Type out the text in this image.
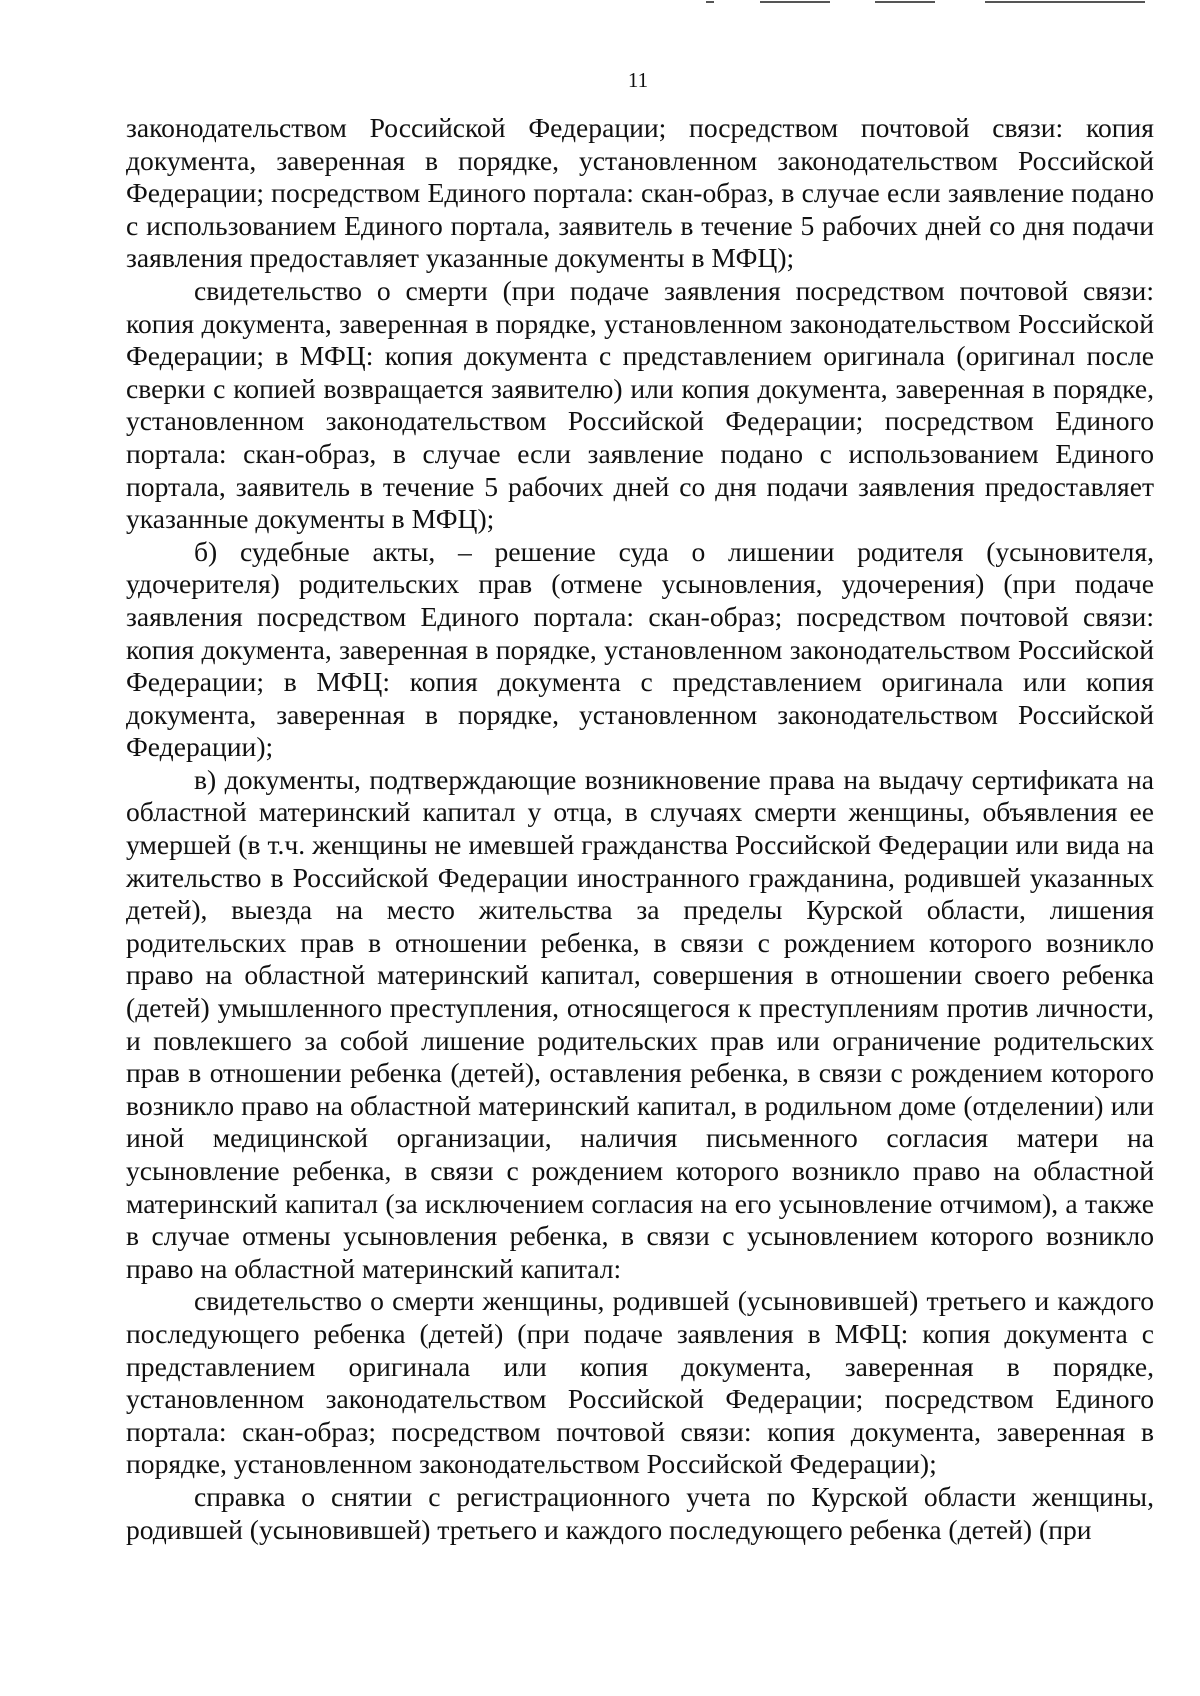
11

законодательством Российской Федерации; посредством почтовой связи: копия документа, заверенная в порядке, установленном законодательством Российской Федерации; посредством Единого портала: скан-образ, в случае если заявление подано с использованием Единого портала, заявитель в течение 5 рабочих дней со дня подачи заявления предоставляет указанные документы в МФЦ);

свидетельство о смерти (при подаче заявления посредством почтовой связи: копия документа, заверенная в порядке, установленном законодательством Российской Федерации; в МФЦ: копия документа с представлением оригинала (оригинал после сверки с копией возвращается заявителю) или копия документа, заверенная в порядке, установленном законодательством Российской Федерации; посредством Единого портала: скан-образ, в случае если заявление подано с использованием Единого портала, заявитель в течение 5 рабочих дней со дня подачи заявления предоставляет указанные документы в МФЦ);

б) судебные акты, – решение суда о лишении родителя (усыновителя, удочерителя) родительских прав (отмене усыновления, удочерения) (при подаче заявления посредством Единого портала: скан-образ; посредством почтовой связи: копия документа, заверенная в порядке, установленном законодательством Российской Федерации; в МФЦ: копия документа с представлением оригинала или копия документа, заверенная в порядке, установленном законодательством Российской Федерации);

в) документы, подтверждающие возникновение права на выдачу сертификата на областной материнский капитал у отца, в случаях смерти женщины, объявления ее умершей (в т.ч. женщины не имевшей гражданства Российской Федерации или вида на жительство в Российской Федерации иностранного гражданина, родившей указанных детей), выезда на место жительства за пределы Курской области, лишения родительских прав в отношении ребенка, в связи с рождением которого возникло право на областной материнский капитал, совершения в отношении своего ребенка (детей) умышленного преступления, относящегося к преступлениям против личности, и повлекшего за собой лишение родительских прав или ограничение родительских прав в отношении ребенка (детей), оставления ребенка, в связи с рождением которого возникло право на областной материнский капитал, в родильном доме (отделении) или иной медицинской организации, наличия письменного согласия матери на усыновление ребенка, в связи с рождением которого возникло право на областной материнский капитал (за исключением согласия на его усыновление отчимом), а также в случае отмены усыновления ребенка, в связи с усыновлением которого возникло право на областной материнский капитал:

свидетельство о смерти женщины, родившей (усыновившей) третьего и каждого последующего ребенка (детей) (при подаче заявления в МФЦ: копия документа с представлением оригинала или копия документа, заверенная в порядке, установленном законодательством Российской Федерации; посредством Единого портала: скан-образ; посредством почтовой связи: копия документа, заверенная в порядке, установленном законодательством Российской Федерации);

справка о снятии с регистрационного учета по Курской области женщины, родившей (усыновившей) третьего и каждого последующего ребенка (детей) (при
